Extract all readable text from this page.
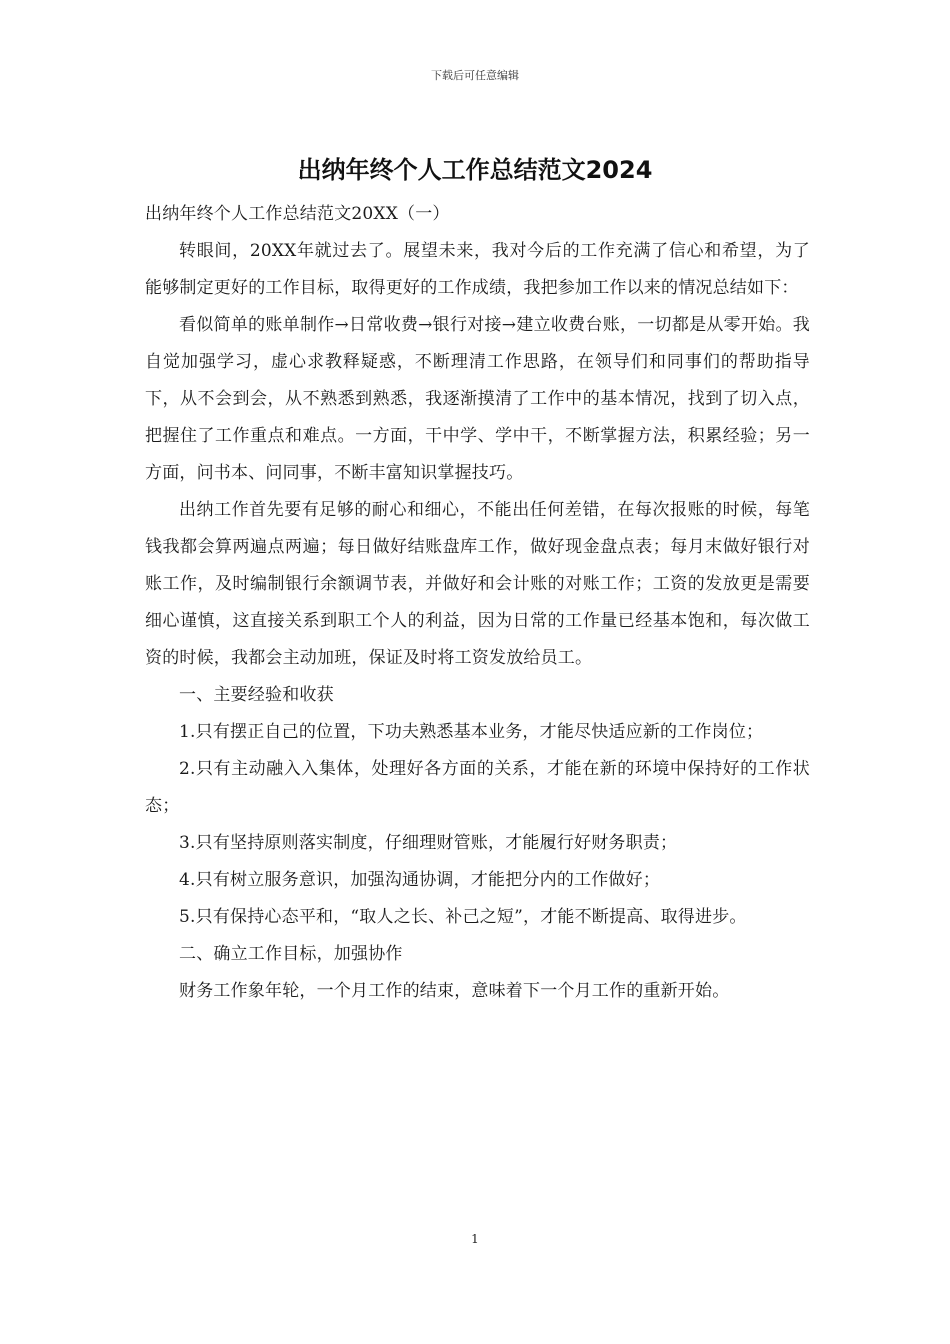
下载后可任意编辑
出纳年终个人工作总结范文2024

出纳年终个人工作总结范文20XX（一）

转眼间，20XX年就过去了。展望未来，我对今后的工作充满了信心和希望，为了能够制定更好的工作目标，取得更好的工作成绩，我把参加工作以来的情况总结如下：

看似简单的账单制作→日常收费→银行对接→建立收费台账，一切都是从零开始。我自觉加强学习，虚心求教释疑惑，不断理清工作思路，在领导们和同事们的帮助指导下，从不会到会，从不熟悉到熟悉，我逐渐摸清了工作中的基本情况，找到了切入点，把握住了工作重点和难点。一方面，干中学、学中干，不断掌握方法，积累经验；另一方面，问书本、问同事，不断丰富知识掌握技巧。

出纳工作首先要有足够的耐心和细心，不能出任何差错，在每次报账的时候，每笔钱我都会算两遍点两遍；每日做好结账盘库工作，做好现金盘点表；每月末做好银行对账工作，及时编制银行余额调节表，并做好和会计账的对账工作；工资的发放更是需要细心谨慎，这直接关系到职工个人的利益，因为日常的工作量已经基本饱和，每次做工资的时候，我都会主动加班，保证及时将工资发放给员工。

一、主要经验和收获

1.只有摆正自己的位置，下功夫熟悉基本业务，才能尽快适应新的工作岗位；

2.只有主动融入入集体，处理好各方面的关系，才能在新的环境中保持好的工作状态；

3.只有坚持原则落实制度，仔细理财管账，才能履行好财务职责；

4.只有树立服务意识，加强沟通协调，才能把分内的工作做好；

5.只有保持心态平和，“取人之长、补己之短”，才能不断提高、取得进步。

二、确立工作目标，加强协作

财务工作象年轮，一个月工作的结束，意味着下一个月工作的重新开始。

1
